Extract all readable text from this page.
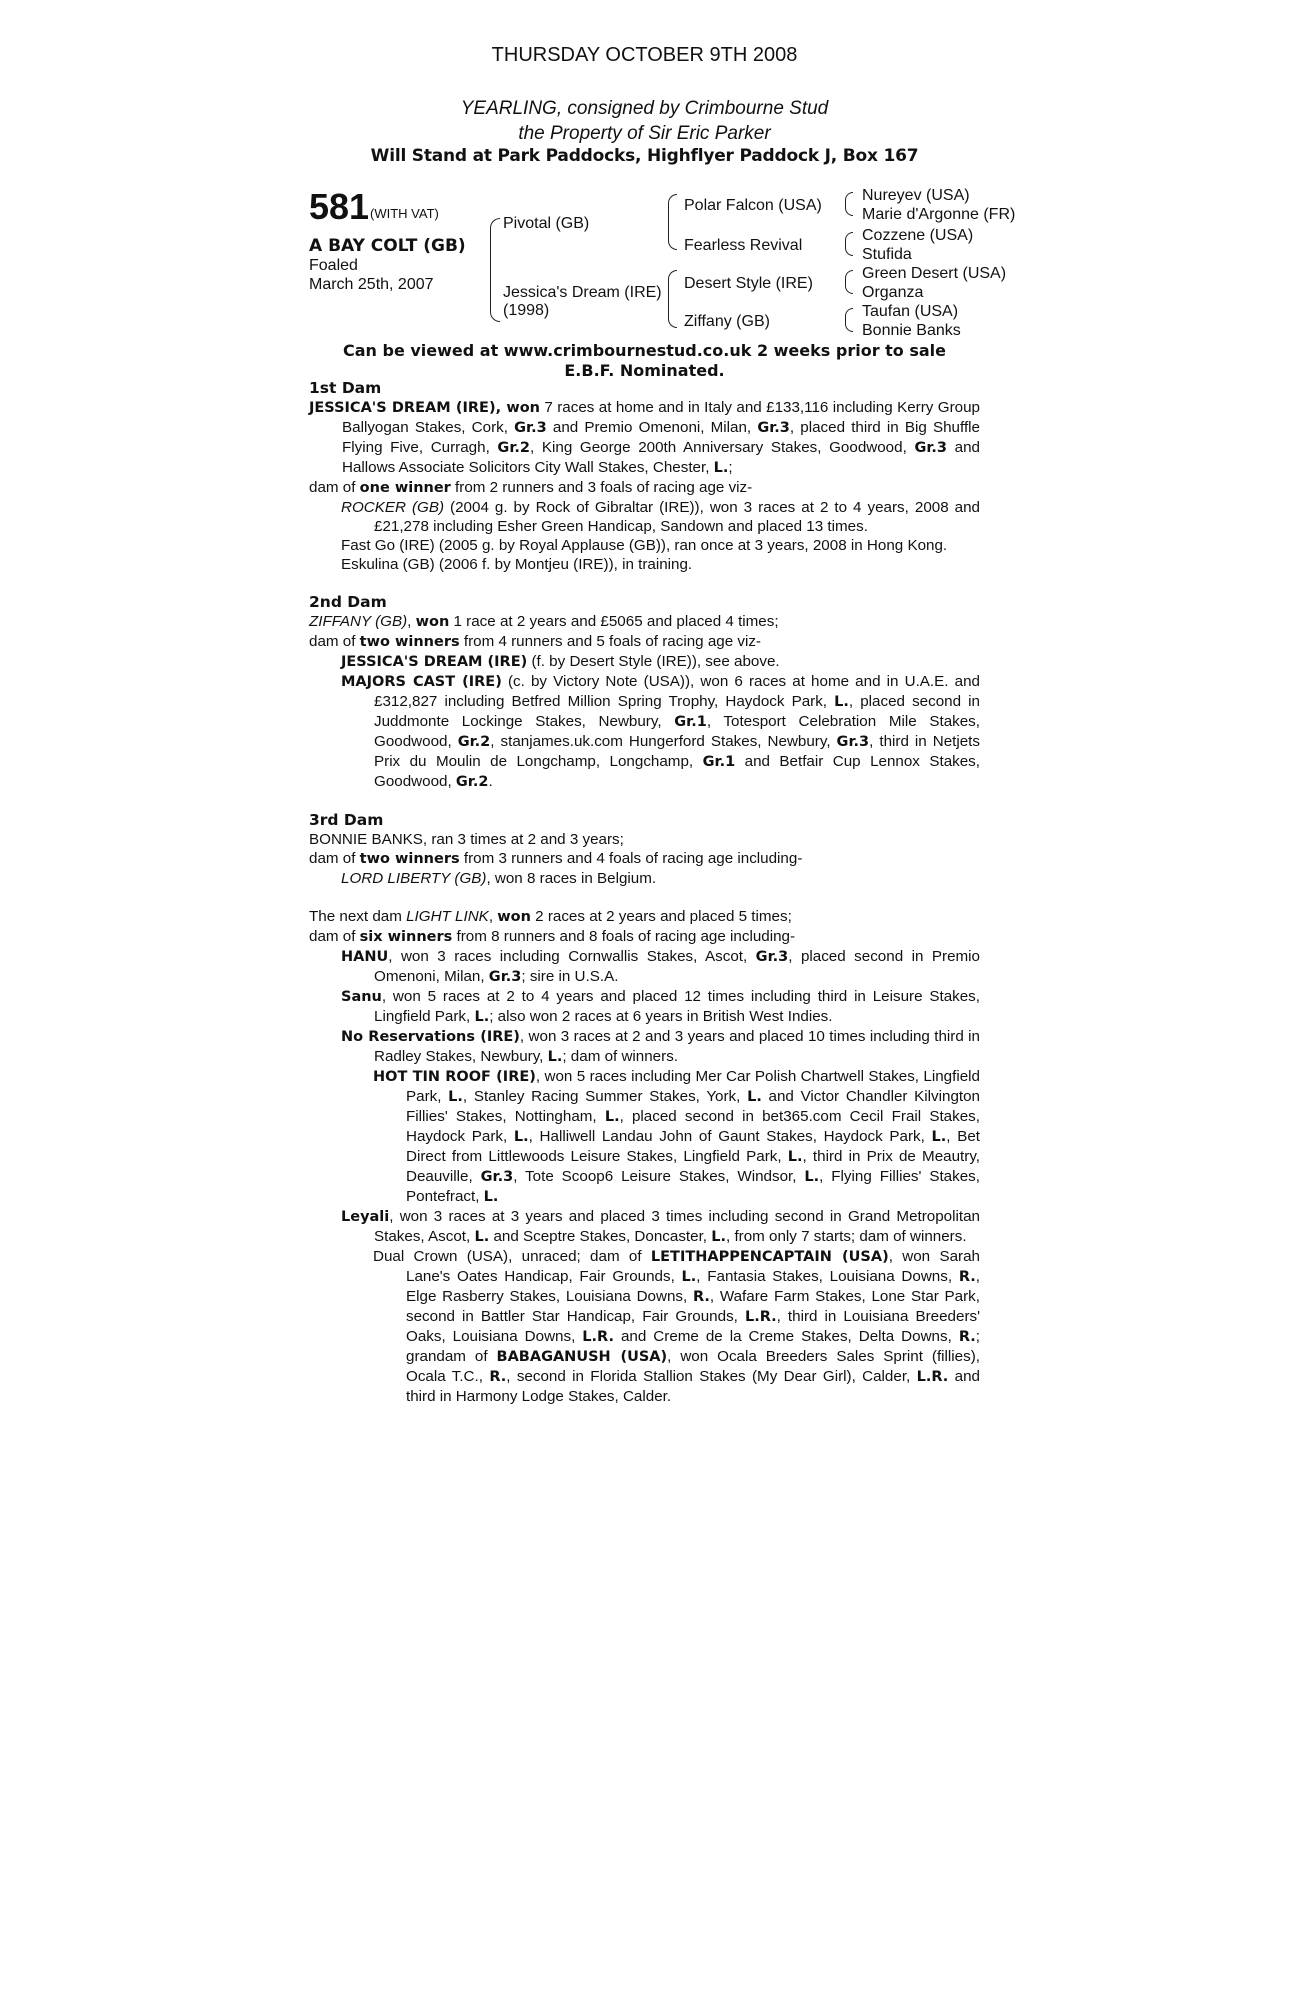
THURSDAY OCTOBER 9TH 2008
YEARLING, consigned by Crimbourne Stud
the Property of Sir Eric Parker
Will Stand at Park Paddocks, Highflyer Paddock J, Box 167
581 (WITH VAT)
A BAY COLT (GB)
Foaled
March 25th, 2007
Pivotal (GB)
Jessica's Dream (IRE)
(1998)
Polar Falcon (USA)
Fearless Revival
Desert Style (IRE)
Ziffany (GB)
Nureyev (USA)
Marie d'Argonne (FR)
Cozzene (USA)
Stufida
Green Desert (USA)
Organza
Taufan (USA)
Bonnie Banks
Can be viewed at www.crimbournestud.co.uk 2 weeks prior to sale
E.B.F. Nominated.

1st Dam

JESSICA'S DREAM (IRE), won 7 races at home and in Italy and £133,116 including Kerry Group Ballyogan Stakes, Cork, Gr.3 and Premio Omenoni, Milan, Gr.3, placed third in Big Shuffle Flying Five, Curragh, Gr.2, King George 200th Anniversary Stakes, Goodwood, Gr.3 and Hallows Associate Solicitors City Wall Stakes, Chester, L.;

dam of one winner from 2 runners and 3 foals of racing age viz-

ROCKER (GB) (2004 g. by Rock of Gibraltar (IRE)), won 3 races at 2 to 4 years, 2008 and £21,278 including Esher Green Handicap, Sandown and placed 13 times.

Fast Go (IRE) (2005 g. by Royal Applause (GB)), ran once at 3 years, 2008 in Hong Kong.

Eskulina (GB) (2006 f. by Montjeu (IRE)), in training.

2nd Dam

ZIFFANY (GB), won 1 race at 2 years and £5065 and placed 4 times;

dam of two winners from 4 runners and 5 foals of racing age viz-

JESSICA'S DREAM (IRE) (f. by Desert Style (IRE)), see above.

MAJORS CAST (IRE) (c. by Victory Note (USA)), won 6 races at home and in U.A.E. and £312,827 including Betfred Million Spring Trophy, Haydock Park, L., placed second in Juddmonte Lockinge Stakes, Newbury, Gr.1, Totesport Celebration Mile Stakes, Goodwood, Gr.2, stanjames.uk.com Hungerford Stakes, Newbury, Gr.3, third in Netjets Prix du Moulin de Longchamp, Longchamp, Gr.1 and Betfair Cup Lennox Stakes, Goodwood, Gr.2.

3rd Dam

BONNIE BANKS, ran 3 times at 2 and 3 years;

dam of two winners from 3 runners and 4 foals of racing age including-

LORD LIBERTY (GB), won 8 races in Belgium.

The next dam LIGHT LINK, won 2 races at 2 years and placed 5 times;

dam of six winners from 8 runners and 8 foals of racing age including-

HANU, won 3 races including Cornwallis Stakes, Ascot, Gr.3, placed second in Premio Omenoni, Milan, Gr.3; sire in U.S.A.

Sanu, won 5 races at 2 to 4 years and placed 12 times including third in Leisure Stakes, Lingfield Park, L.; also won 2 races at 6 years in British West Indies.

No Reservations (IRE), won 3 races at 2 and 3 years and placed 10 times including third in Radley Stakes, Newbury, L.; dam of winners.

HOT TIN ROOF (IRE), won 5 races including Mer Car Polish Chartwell Stakes, Lingfield Park, L., Stanley Racing Summer Stakes, York, L. and Victor Chandler Kilvington Fillies' Stakes, Nottingham, L., placed second in bet365.com Cecil Frail Stakes, Haydock Park, L., Halliwell Landau John of Gaunt Stakes, Haydock Park, L., Bet Direct from Littlewoods Leisure Stakes, Lingfield Park, L., third in Prix de Meautry, Deauville, Gr.3, Tote Scoop6 Leisure Stakes, Windsor, L., Flying Fillies' Stakes, Pontefract, L.

Leyali, won 3 races at 3 years and placed 3 times including second in Grand Metropolitan Stakes, Ascot, L. and Sceptre Stakes, Doncaster, L., from only 7 starts; dam of winners.

Dual Crown (USA), unraced; dam of LETITHAPPENCAPTAIN (USA), won Sarah Lane's Oates Handicap, Fair Grounds, L., Fantasia Stakes, Louisiana Downs, R., Elge Rasberry Stakes, Louisiana Downs, R., Wafare Farm Stakes, Lone Star Park, second in Battler Star Handicap, Fair Grounds, L.R., third in Louisiana Breeders' Oaks, Louisiana Downs, L.R. and Creme de la Creme Stakes, Delta Downs, R.; grandam of BABAGANUSH (USA), won Ocala Breeders Sales Sprint (fillies), Ocala T.C., R., second in Florida Stallion Stakes (My Dear Girl), Calder, L.R. and third in Harmony Lodge Stakes, Calder.
